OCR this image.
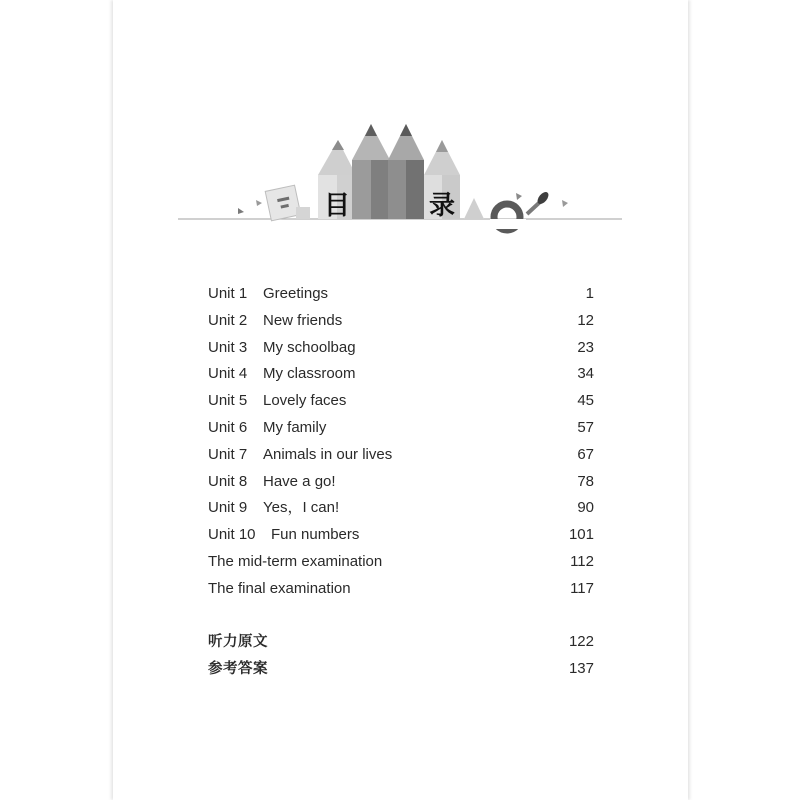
目	录
Unit 1	Greetings	1
Unit 2	New friends	12
Unit 3	My schoolbag	23
Unit 4	My classroom	34
Unit 5	Lovely faces	45
Unit 6	My family	57
Unit 7	Animals in our lives	67
Unit 8	Have a go!	78
Unit 9	Yes，I can!	90
Unit 10	Fun numbers	101
The mid-term examination	112
The final examination	117
听力原文	122
参考答案	137
